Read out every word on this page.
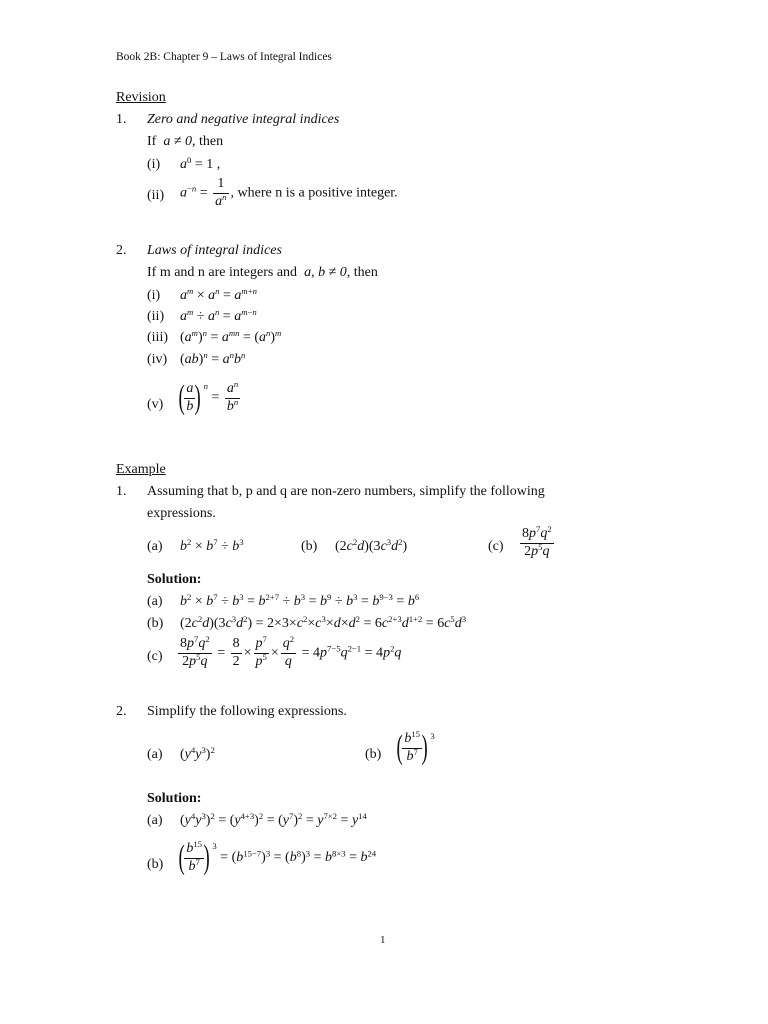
Book 2B: Chapter 9 – Laws of Integral Indices
Revision
1. Zero and negative integral indices
If a ≠ 0, then
(i) $a^0 = 1$ ,
(ii) $a^{-n} = \frac{1}{a^n}$ , where n is a positive integer.
2. Laws of integral indices
If m and n are integers and a, b ≠ 0, then
(i) $a^m \times a^n = a^{m+n}$
(ii) $a^m \div a^n = a^{m-n}$
(iii) $(a^m)^n = a^{mn} = (a^n)^m$
(iv) $(ab)^n = a^nb^n$
(v) ( $\frac{a}{b}$ ) $^n = \frac{a^n}{b^n}$
Example
1. Assuming that b, p and q are non-zero numbers, simplify the following
expressions.
(a) $b^2 \times b^7 \div b^3$	(b) $(2c^2d)(3c^3d^2)$	$(c) \frac{8p^7q^2}{2p^5q}$
Solution:
(a) $b^2 \times b^7 \div b^3 = b^{2+7} \div b^3 = b^9 \div b^3 = b^{9-3} = b^6$
(b) $(2c^2d)(3c^3d^2) = 2\times 3\times c^2\times c^3\times d\times d^2 = 6c^{2+3}d^{1+2} = 6c^5d^3$
$(c) \frac{8p^7q^2}{2p^5q} = \frac{8}{2} \times \frac{p^7}{p^5} \times \frac{q^2}{q} = 4p^{7-5}q^{2-1} = 4p^2q$
2. Simplify the following expressions.
(a) $(y^4y^3)^2$	(b) ( $\frac{b^{15}}{b^7}$ ) $^3$
Solution:
(a) $(y^4y^3)^2 = (y^{4+3})^2 = (y^7)^2 = y^{7\times 2} = y^{14}$
(b) ( $\frac{b^{15}}{b^7}$ ) $^3 = (b^{15-7})^3 = (b^8)^3 = b^{8\times 3} = b^{24}$
1
